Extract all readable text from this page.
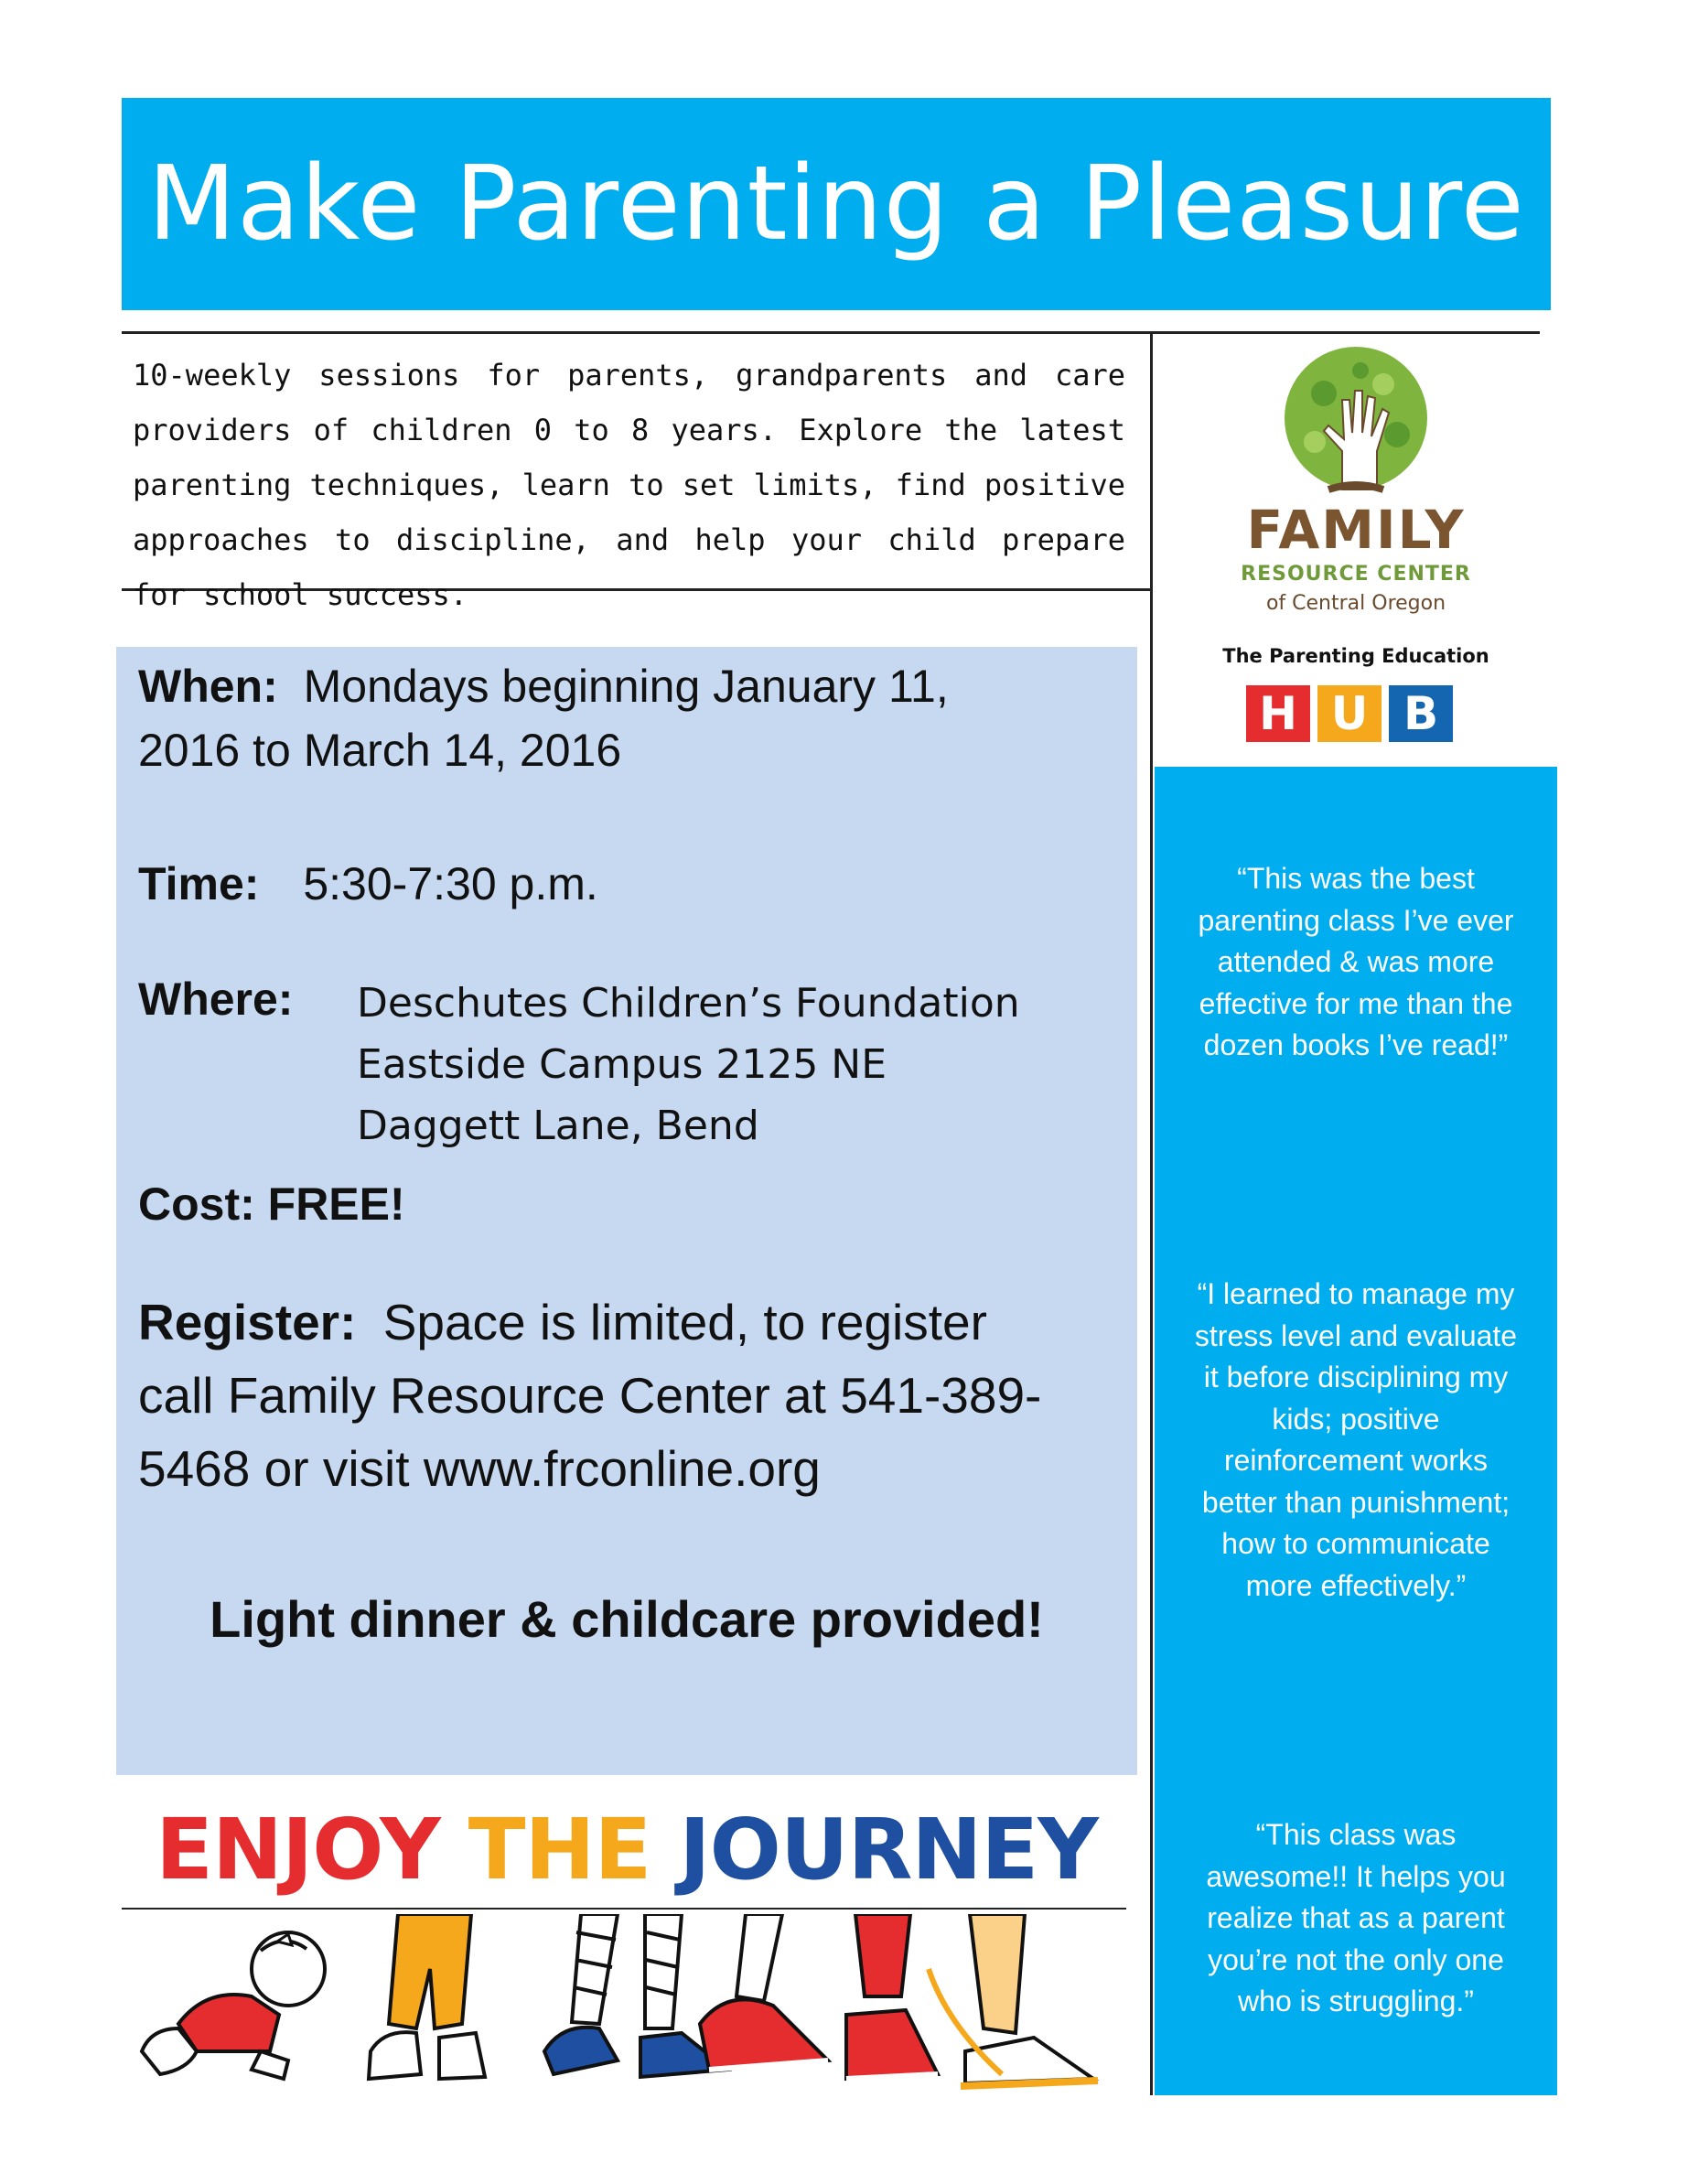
Make Parenting a Pleasure

10-weekly sessions for parents, grandparents and care providers of children 0 to 8 years. Explore the latest parenting techniques, learn to set limits, find positive approaches to discipline, and help your child prepare for school success.

When: Mondays beginning January 11,
2016 to March 14, 2016
Time: 5:30-7:30 p.m.
Where: Deschutes Children’s Foundation
Eastside Campus 2125 NE
Daggett Lane, Bend
Cost: FREE!
Register: Space is limited, to register
call Family Resource Center at 541-389-
5468 or visit www.frconline.org
Light dinner & childcare provided!
FAMILY
RESOURCE CENTER
of Central Oregon
The Parenting Education
H U B

“This was the best
parenting class I’ve ever
attended & was more
effective for me than the
dozen books I’ve read!”

“I learned to manage my
stress level and evaluate
it before disciplining my
kids; positive
reinforcement works
better than punishment;
how to communicate
more effectively.”

“This class was
awesome!! It helps you
realize that as a parent
you’re not the only one
who is struggling.”

ENJOY THE JOURNEY
